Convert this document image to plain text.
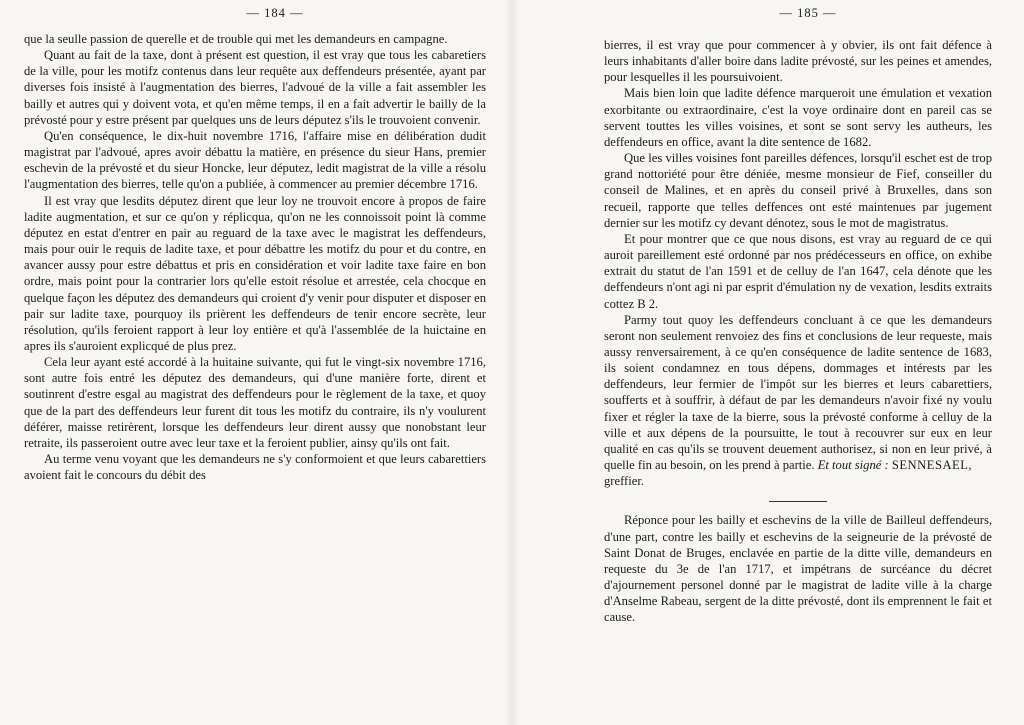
— 184 —

que la seulle passion de querelle et de trouble qui met les demandeurs en campagne.

Quant au fait de la taxe, dont à présent est question, il est vray que tous les cabaretiers de la ville, pour les motifz contenus dans leur requête aux deffendeurs présentée, ayant par diverses fois insisté à l'augmentation des bierres, l'advoué de la ville a fait assembler les bailly et autres qui y doivent vota, et qu'en même temps, il en a fait advertir le bailly de la prévosté pour y estre présent par quelques uns de leurs députez s'ils le trouvoient convenir.

Qu'en conséquence, le dix-huit novembre 1716, l'affaire mise en délibération dudit magistrat par l'advoué, apres avoir débattu la matière, en présence du sieur Hans, premier eschevin de la prévosté et du sieur Honcke, leur députez, ledit magistrat de la ville a résolu l'augmentation des bierres, telle qu'on a publiée, à commencer au premier décembre 1716.

Il est vray que lesdits députez dirent que leur loy ne trouvoit encore à propos de faire ladite augmentation, et sur ce qu'on y réplicqua, qu'on ne les connoissoit point là comme députez en estat d'entrer en pair au reguard de la taxe avec le magistrat les deffendeurs, mais pour ouir le requis de ladite taxe, et pour débattre les motifz du pour et du contre, en avancer aussy pour estre débattus et pris en considération et voir ladite taxe faire en bon ordre, mais point pour la contrarier lors qu'elle estoit résolue et arrestée, cela chocque en quelque façon les députez des demandeurs qui croient d'y venir pour disputer et disposer en pair sur ladite taxe, pourquoy ils prièrent les deffendeurs de tenir encore secrète, leur résolution, qu'ils feroient rapport à leur loy entière et qu'à l'assemblée de la huictaine en apres ils s'auroient explicqué de plus prez.

Cela leur ayant esté accordé à la huitaine suivante, qui fut le vingt-six novembre 1716, sont autre fois entré les députez des demandeurs, qui d'une manière forte, dirent et soutinrent d'estre esgal au magistrat des deffendeurs pour le règlement de la taxe, et quoy que de la part des deffendeurs leur furent dit tous les motifz du contraire, ils n'y voulurent déférer, maisse retirèrent, lorsque les deffendeurs leur dirent aussy que nonobstant leur retraite, ils passeroient outre avec leur taxe et la feroient publier, ainsy qu'ils ont fait.

Au terme venu voyant que les demandeurs ne s'y conformoient et que leurs cabarettiers avoient fait le concours du débit des

— 185 —

bierres, il est vray que pour commencer à y obvier, ils ont fait défence à leurs inhabitants d'aller boire dans ladite prévosté, sur les peines et amendes, pour lesquelles il les poursuivoient.

Mais bien loin que ladite défence marqueroit une émulation et vexation exorbitante ou extraordinaire, c'est la voye ordinaire dont en pareil cas se servent touttes les villes voisines, et sont se sont servy les autheurs, les deffendeurs en office, avant la dite sentence de 1682.

Que les villes voisines font pareilles défences, lorsqu'il eschet est de trop grand nottoriété pour être déniée, mesme monsieur de Fief, conseiller du conseil de Malines, et en après du conseil privé à Bruxelles, dans son recueil, rapporte que telles deffences ont esté maintenues par jugement dernier sur les motifz cy devant dénotez, sous le mot de magistratus.

Et pour montrer que ce que nous disons, est vray au reguard de ce qui auroit pareillement esté ordonné par nos prédécesseurs en office, on exhibe extrait du statut de l'an 1591 et de celluy de l'an 1647, cela dénote que les deffendeurs n'ont agi ni par esprit d'émulation ny de vexation, lesdits extraits cottez B 2.

Parmy tout quoy les deffendeurs concluant à ce que les demandeurs seront non seulement renvoiez des fins et conclusions de leur requeste, mais aussy renversairement, à ce qu'en conséquence de ladite sentence de 1683, ils soient condamnez en tous dépens, dommages et intérests par les deffendeurs, leur fermier de l'impôt sur les bierres et leurs cabarettiers, soufferts et à souffrir, à défaut de par les demandeurs n'avoir fixé ny voulu fixer et régler la taxe de la bierre, sous la prévosté conforme à celluy de la ville et aux dépens de la poursuitte, le tout à recouvrer sur eux en leur qualité en cas qu'ils se trouvent deuement authorisez, si non en leur privé, à quelle fin au besoin, on les prend à partie. Et tout signé : SENNESAEL,

greffier.

Réponce pour les bailly et eschevins de la ville de Bailleul deffendeurs, d'une part, contre les bailly et eschevins de la seigneurie de la prévosté de Saint Donat de Bruges, enclavée en partie de la ditte ville, demandeurs en requeste du 3e de l'an 1717, et impétrans de surcéance du décret d'ajournement personel donné par le magistrat de ladite ville à la charge d'Anselme Rabeau, sergent de la ditte prévosté, dont ils emprennent le fait et cause.
